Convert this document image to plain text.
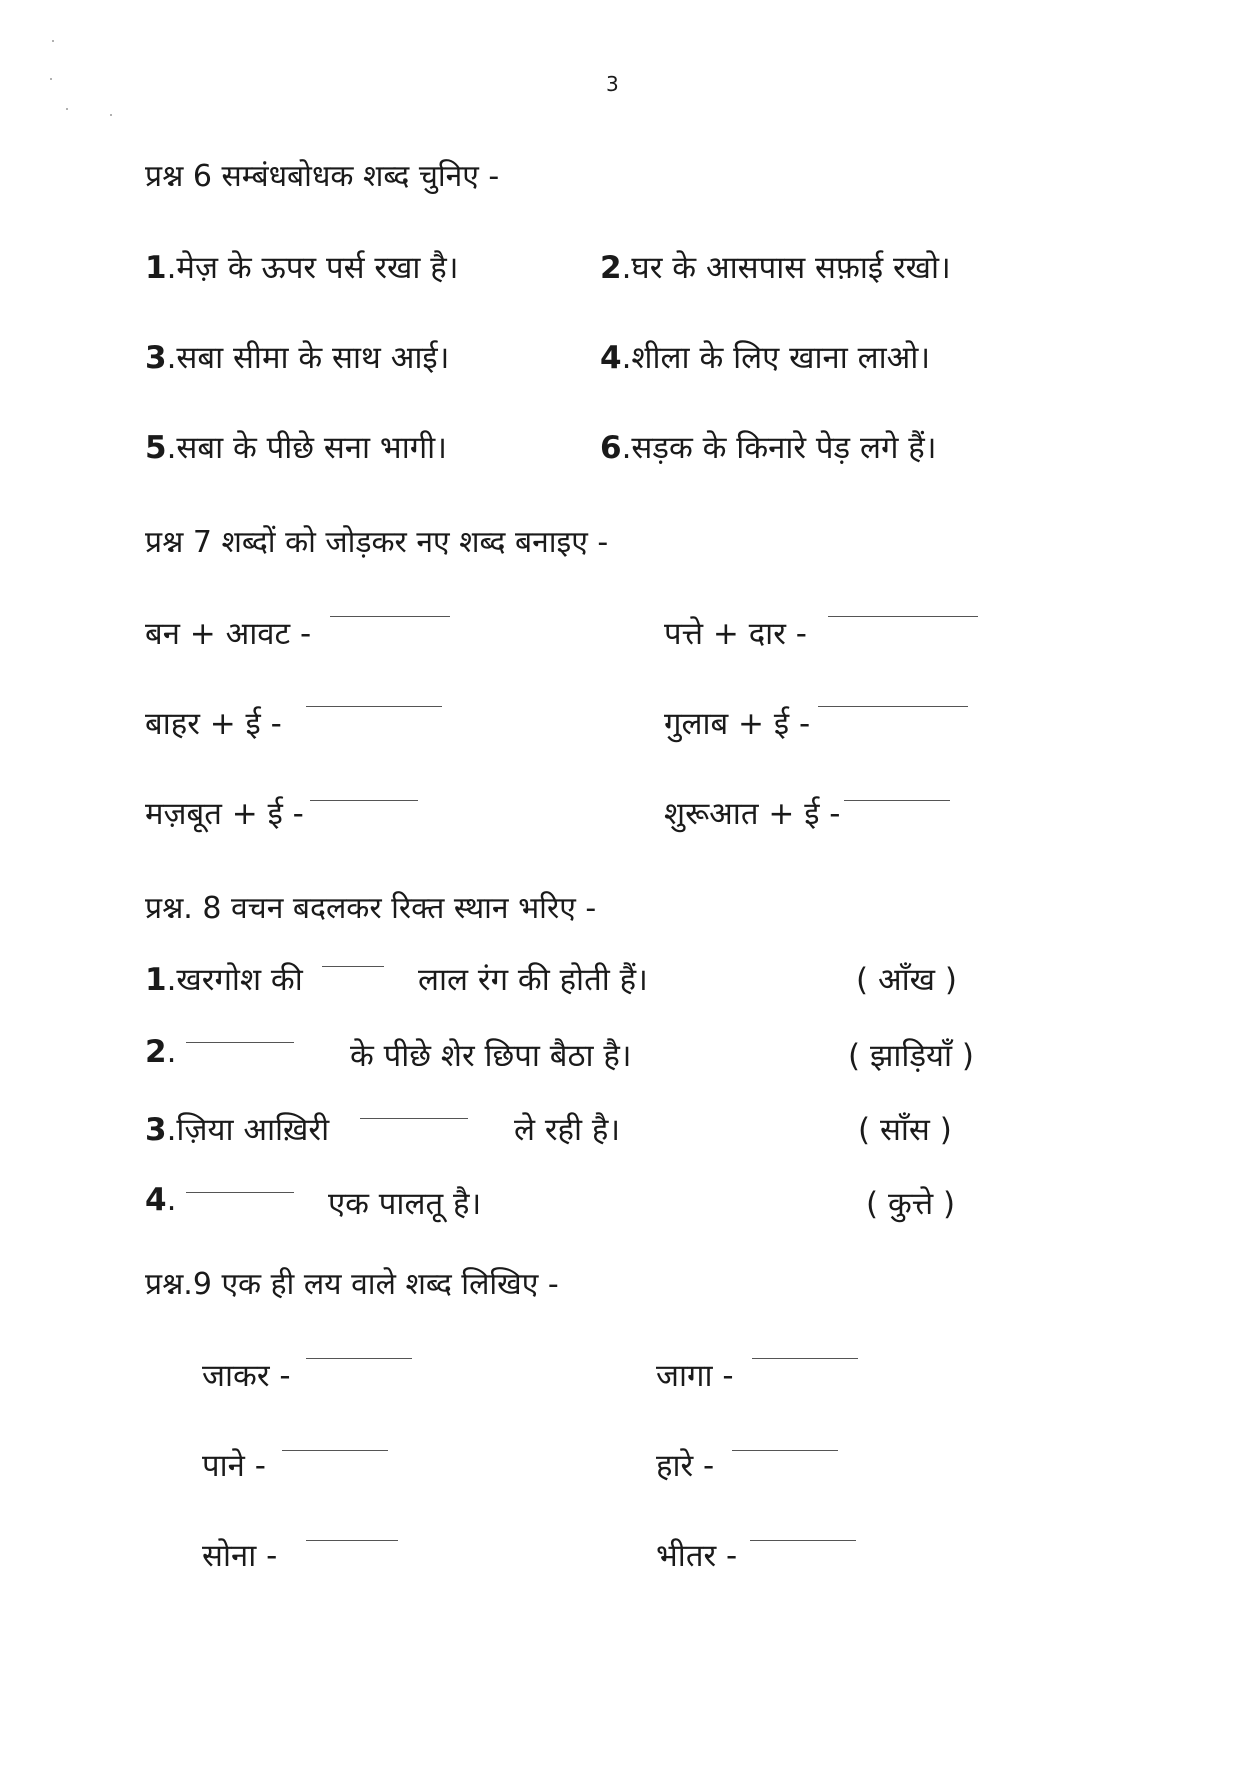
3
प्रश्न 6 सम्बंधबोधक शब्द चुनिए -
1.मेज़ के ऊपर पर्स रखा है।	2.घर के आसपास सफ़ाई रखो।
3.सबा सीमा के साथ आई।	4.शीला के लिए खाना लाओ।
5.सबा के पीछे सना भागी।	6.सड़क के किनारे पेड़ लगे हैं।
प्रश्न 7 शब्दों को जोड़कर नए शब्द बनाइए -
बन + आवट -	पत्ते + दार -
बाहर + ई -	गुलाब + ई -
मज़बूत + ई -	शुरूआत + ई -
प्रश्न. 8 वचन बदलकर रिक्त स्थान भरिए -
1.खरगोश की	लाल रंग की होती हैं।	( आँख )
2.	के पीछे शेर छिपा बैठा है।	( झाड़ियाँ )
3.ज़िया आख़िरी	ले रही है।	( साँस )
4.	एक पालतू है।	( कुत्ते )
प्रश्न.9 एक ही लय वाले शब्द लिखिए -
जाकर -	जागा -
पाने -	हारे -
सोना -	भीतर -
